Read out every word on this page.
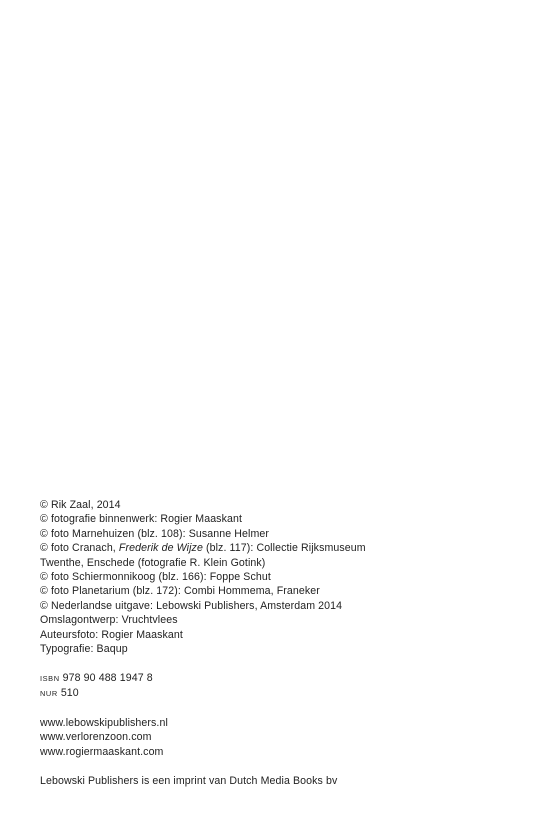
© Rik Zaal, 2014
© fotografie binnenwerk: Rogier Maaskant
© foto Marnehuizen (blz. 108): Susanne Helmer
© foto Cranach, Frederik de Wijze (blz. 117): Collectie Rijksmuseum
Twenthe, Enschede (fotografie R. Klein Gotink)
© foto Schiermonnikoog (blz. 166): Foppe Schut
© foto Planetarium (blz. 172): Combi Hommema, Franeker
© Nederlandse uitgave: Lebowski Publishers, Amsterdam 2014
Omslagontwerp: Vruchtvlees
Auteursfoto: Rogier Maaskant
Typografie: Baqup
ISBN 978 90 488 1947 8
NUR 510
www.lebowskipublishers.nl
www.verlorenzoon.com
www.rogiermaaskant.com
Lebowski Publishers is een imprint van Dutch Media Books bv
